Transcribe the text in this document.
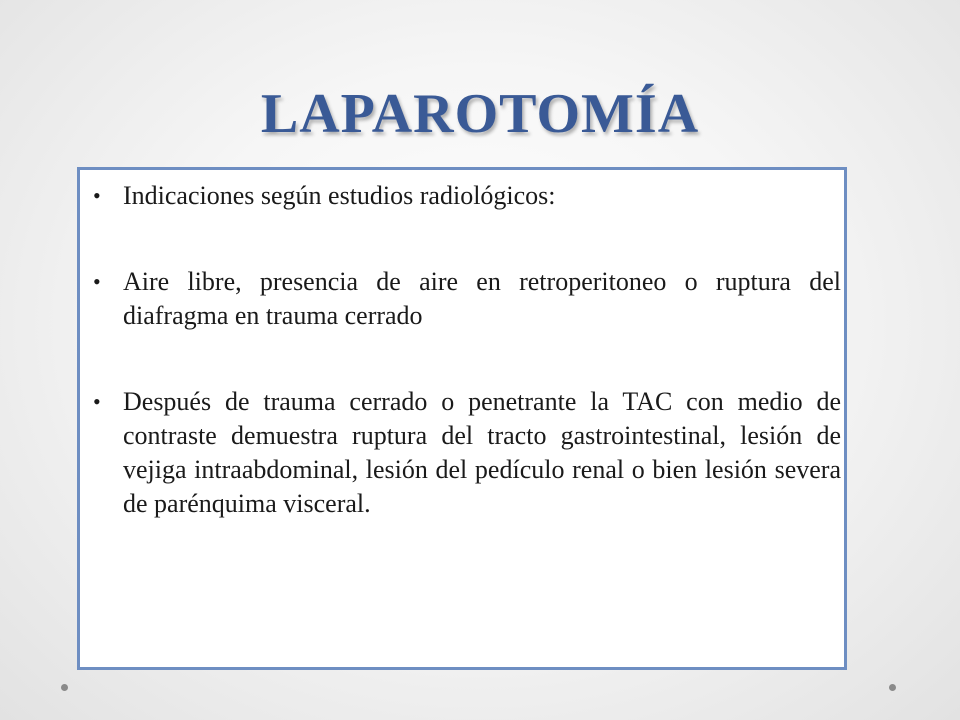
LAPAROTOMÍA
• Indicaciones según estudios radiológicos:
• Aire libre, presencia de aire en retroperitoneo o ruptura del diafragma en trauma cerrado
• Después de trauma cerrado o penetrante la TAC con medio de contraste demuestra ruptura del tracto gastrointestinal, lesión de vejiga intraabdominal, lesión del pedículo renal o bien lesión severa de parénquima visceral.
